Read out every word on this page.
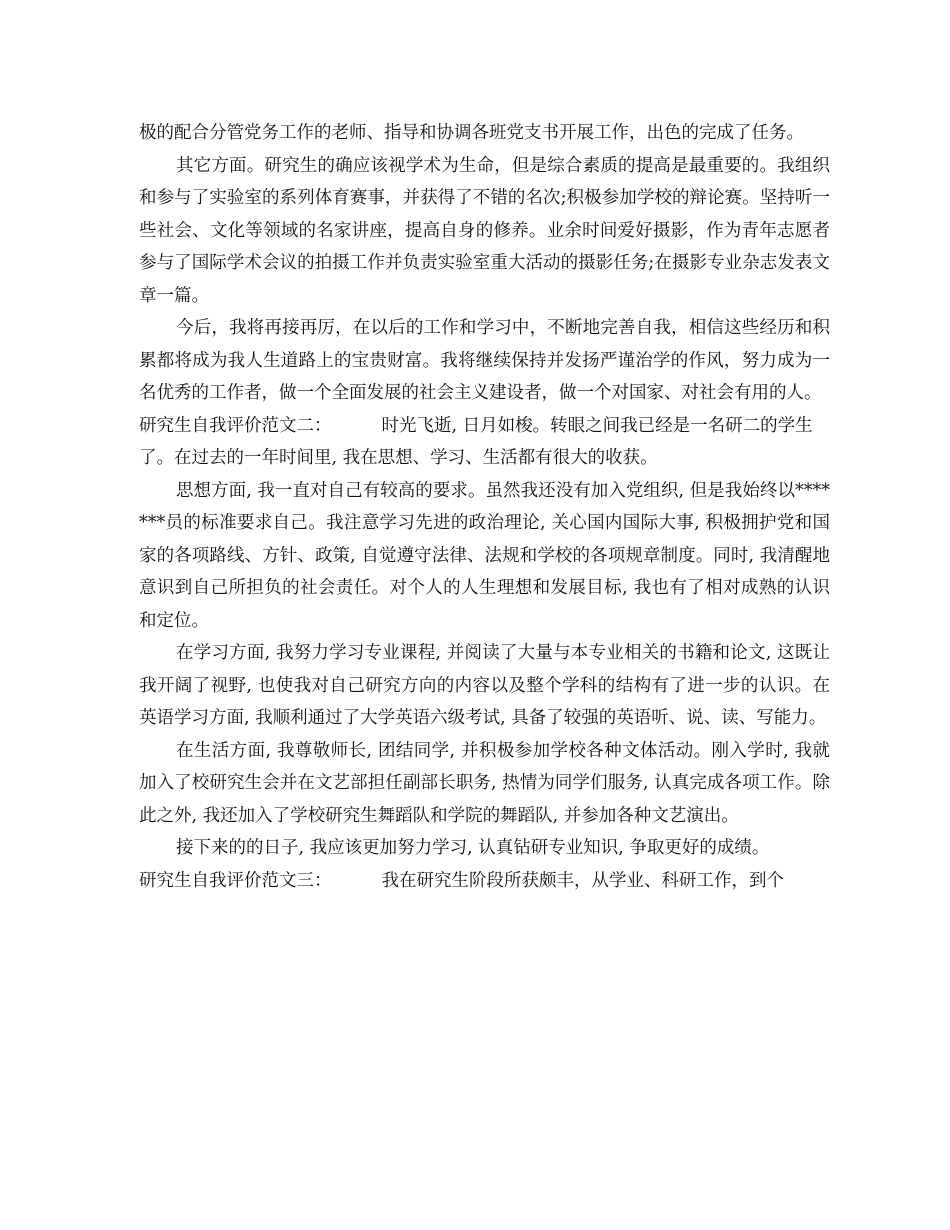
极的配合分管党务工作的老师、指导和协调各班党支书开展工作，出色的完成了任务。

其它方面。研究生的确应该视学术为生命，但是综合素质的提高是最重要的。我组织和参与了实验室的系列体育赛事，并获得了不错的名次;积极参加学校的辩论赛。坚持听一些社会、文化等领域的名家讲座，提高自身的修养。业余时间爱好摄影，作为青年志愿者参与了国际学术会议的拍摄工作并负责实验室重大活动的摄影任务;在摄影专业杂志发表文章一篇。

今后，我将再接再厉，在以后的工作和学习中，不断地完善自我，相信这些经历和积累都将成为我人生道路上的宝贵财富。我将继续保持并发扬严谨治学的作风，努力成为一名优秀的工作者，做一个全面发展的社会主义建设者，做一个对国家、对社会有用的人。

研究生自我评价范文二：	时光飞逝, 日月如梭。转眼之间我已经是一名研二的学生了。在过去的一年时间里, 我在思想、学习、生活都有很大的收获。

思想方面, 我一直对自己有较高的要求。虽然我还没有加入党组织, 但是我始终以*******员的标准要求自己。我注意学习先进的政治理论, 关心国内国际大事, 积极拥护党和国家的各项路线、方针、政策, 自觉遵守法律、法规和学校的各项规章制度。同时, 我清醒地意识到自己所担负的社会责任。对个人的人生理想和发展目标, 我也有了相对成熟的认识和定位。

在学习方面, 我努力学习专业课程, 并阅读了大量与本专业相关的书籍和论文, 这既让我开阔了视野, 也使我对自己研究方向的内容以及整个学科的结构有了进一步的认识。在英语学习方面, 我顺利通过了大学英语六级考试, 具备了较强的英语听、说、读、写能力。

在生活方面, 我尊敬师长, 团结同学, 并积极参加学校各种文体活动。刚入学时, 我就加入了校研究生会并在文艺部担任副部长职务, 热情为同学们服务, 认真完成各项工作。除此之外, 我还加入了学校研究生舞蹈队和学院的舞蹈队, 并参加各种文艺演出。

接下来的的日子, 我应该更加努力学习, 认真钻研专业知识, 争取更好的成绩。

研究生自我评价范文三：	我在研究生阶段所获颇丰，从学业、科研工作，到个
